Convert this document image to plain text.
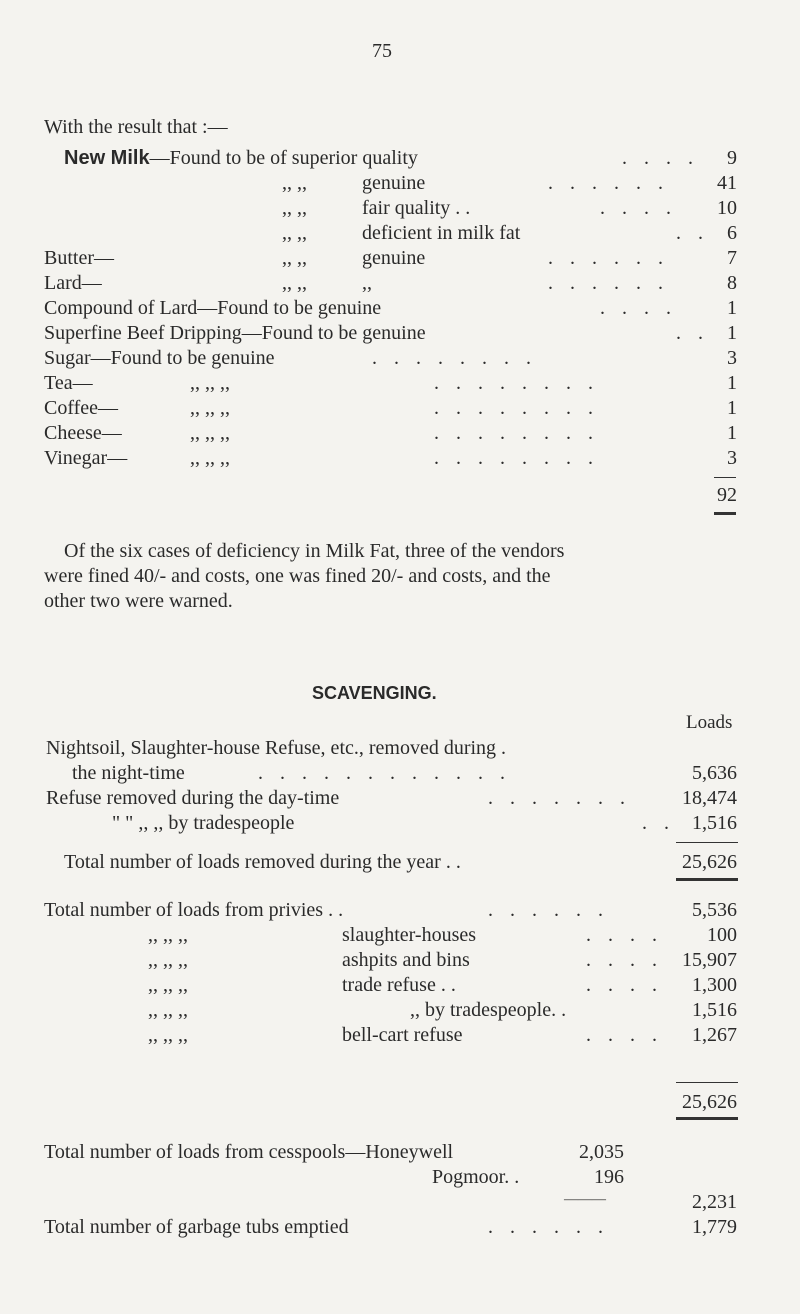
75
With the result that :—
New Milk—Found to be of superior quality	. . . .	9
,, ,,	genuine	. . . . . .	41
,, ,,	fair quality . .	. . . .	10
,, ,,	deficient in milk fat	. . 6
Butter—	,, ,,	genuine	. . . . . .	7
Lard—	,, ,,	,,	. . . . . .	8
Compound of Lard—Found to be genuine	. . . .	1
Superfine Beef Dripping—Found to be genuine	. . 1
Sugar—Found to be genuine	. . . . . . . .	3
Tea—	,, ,, ,,	. . . . . . . .	1
Coffee—	,, ,, ,,	. . . . . . . .	1
Cheese—	,, ,, ,,	. . . . . . . .	1
Vinegar—	,, ,, ,,	. . . . . . . .	3
92
Of the six cases of deficiency in Milk Fat, three of the vendors
were fined 40/- and costs, one was fined 20/- and costs, and the
other two were warned.
SCAVENGING.
Loads
Nightsoil, Slaughter-house Refuse, etc., removed during .
the night-time	. . . . . . . . . . . .	5,636
Refuse removed during the day-time	. . . . . . .	18,474
" " ,, ,, by tradespeople	. . 1,516
Total number of loads removed during the year . .	25,626
Total number of loads from privies . .	. . . . . .	5,536
,, ,, ,,	slaughter-houses	. . . .	100
,, ,, ,,	ashpits and bins	. . . . 15,907
,, ,, ,,	trade refuse . .	. . . .	1,300
,, ,, ,,	,, by tradespeople. .	1,516
,, ,, ,,	bell-cart refuse	. . . .	1,267
25,626
Total number of loads from cesspools—Honeywell	2,035
Pogmoor. .	196
———	2,231
Total number of garbage tubs emptied	. . . . . .	1,779
